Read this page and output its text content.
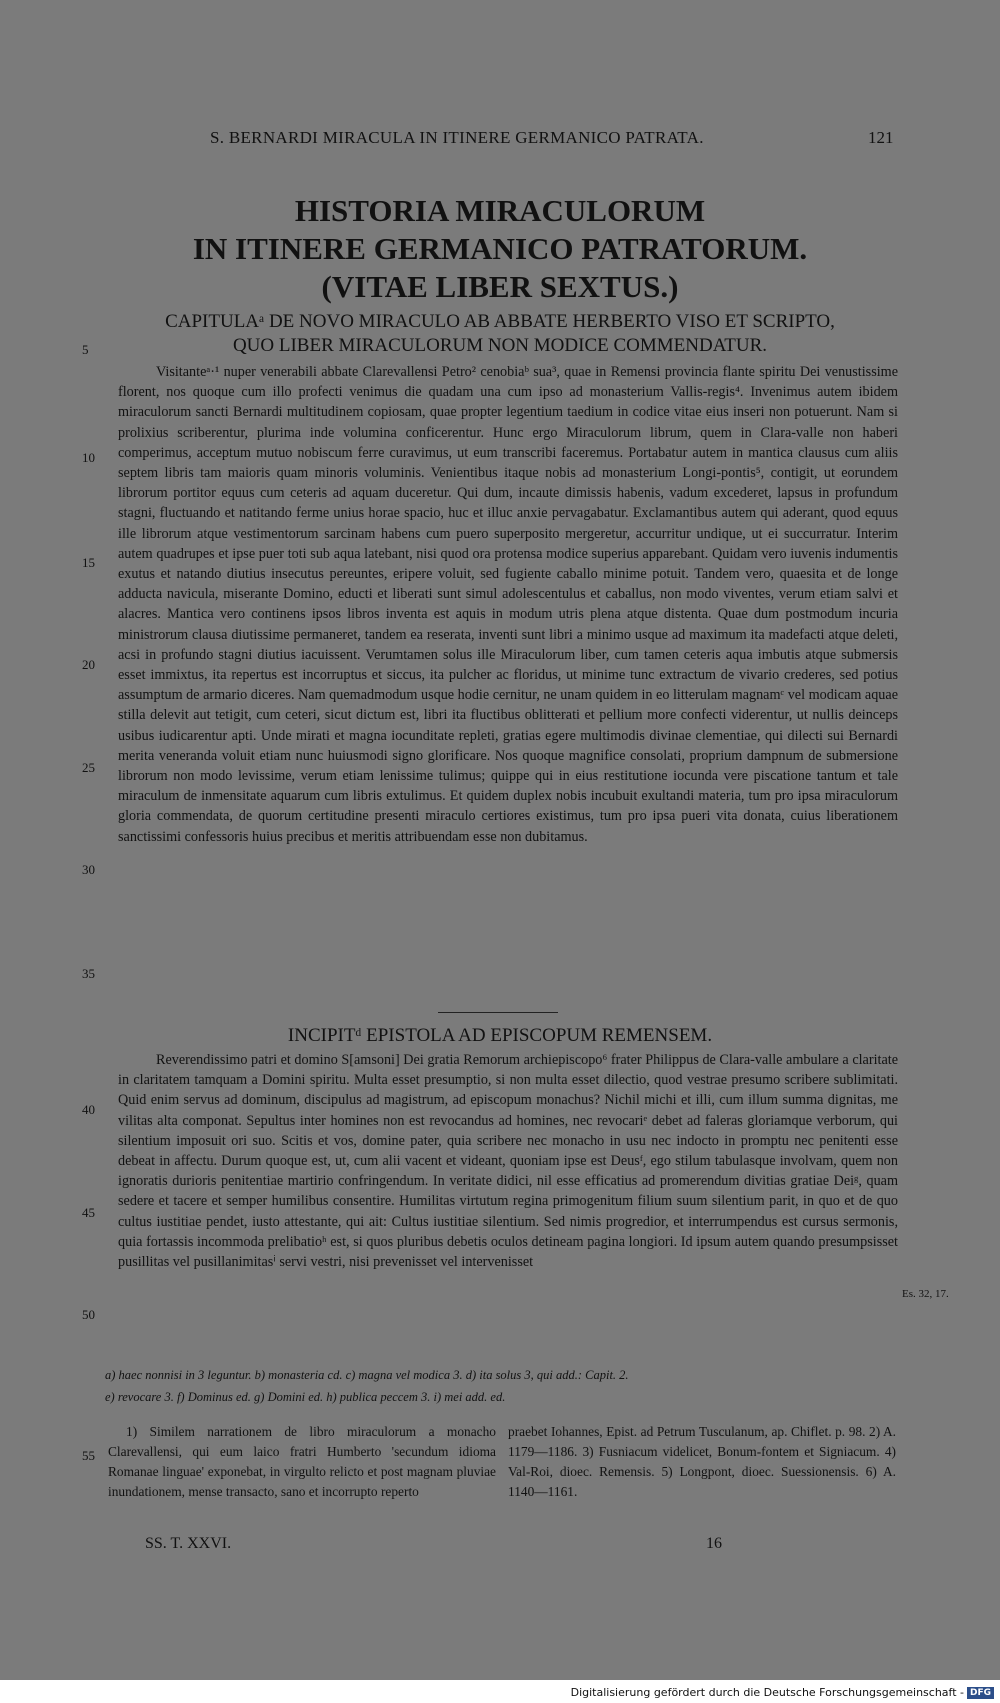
S. BERNARDI MIRACULA IN ITINERE GERMANICO PATRATA.	121
HISTORIA MIRACULORUM
IN ITINERE GERMANICO PATRATORUM.
(VITAE LIBER SEXTUS.)
CAPITULAᵃ DE NOVO MIRACULO AB ABBATE HERBERTO VISO ET SCRIPTO,
QUO LIBER MIRACULORUM NON MODICE COMMENDATUR.
5
10
15
20
25
30
35
40
45
50
55
Visitanteᵃ·¹ nuper venerabili abbate Clarevallensi Petro² cenobiaᵇ sua³, quae in Remensi provincia flante spiritu Dei venustissime florent, nos quoque cum illo profecti venimus die quadam una cum ipso ad monasterium Vallis-regis⁴. Invenimus autem ibidem miraculorum sancti Bernardi multitudinem copiosam, quae propter legentium taedium in codice vitae eius inseri non potuerunt. Nam si prolixius scriberentur, plurima inde volumina conficerentur. Hunc ergo Miraculorum librum, quem in Clara-valle non haberi comperimus, acceptum mutuo nobiscum ferre curavimus, ut eum transcribi faceremus. Portabatur autem in mantica clausus cum aliis septem libris tam maioris quam minoris voluminis. Venientibus itaque nobis ad monasterium Longi-pontis⁵, contigit, ut eorundem librorum portitor equus cum ceteris ad aquam duceretur. Qui dum, incaute dimissis habenis, vadum excederet, lapsus in profundum stagni, fluctuando et natitando ferme unius horae spacio, huc et illuc anxie pervagabatur. Exclamantibus autem qui aderant, quod equus ille librorum atque vestimentorum sarcinam habens cum puero superposito mergeretur, accurritur undique, ut ei succurratur. Interim autem quadrupes et ipse puer toti sub aqua latebant, nisi quod ora protensa modice superius apparebant. Quidam vero iuvenis indumentis exutus et natando diutius insecutus pereuntes, eripere voluit, sed fugiente caballo minime potuit. Tandem vero, quaesita et de longe adducta navicula, miserante Domino, educti et liberati sunt simul adolescentulus et caballus, non modo viventes, verum etiam salvi et alacres. Mantica vero continens ipsos libros inventa est aquis in modum utris plena atque distenta. Quae dum postmodum incuria ministrorum clausa diutissime permaneret, tandem ea reserata, inventi sunt libri a minimo usque ad maximum ita madefacti atque deleti, acsi in profundo stagni diutius iacuissent. Verumtamen solus ille Miraculorum liber, cum tamen ceteris aqua imbutis atque submersis esset immixtus, ita repertus est incorruptus et siccus, ita pulcher ac floridus, ut minime tunc extractum de vivario crederes, sed potius assumptum de armario diceres. Nam quemadmodum usque hodie cernitur, ne unam quidem in eo litterulam magnamᶜ vel modicam aquae stilla delevit aut tetigit, cum ceteri, sicut dictum est, libri ita fluctibus oblitterati et pellium more confecti viderentur, ut nullis deinceps usibus iudicarentur apti. Unde mirati et magna iocunditate repleti, gratias egere multimodis divinae clementiae, qui dilecti sui Bernardi merita veneranda voluit etiam nunc huiusmodi signo glorificare. Nos quoque magnifice consolati, proprium dampnum de submersione librorum non modo levissime, verum etiam lenissime tulimus; quippe qui in eius restitutione iocunda vere piscatione tantum et tale miraculum de inmensitate aquarum cum libris extulimus. Et quidem duplex nobis incubuit exultandi materia, tum pro ipsa miraculorum gloria commendata, de quorum certitudine presenti miraculo certiores existimus, tum pro ipsa pueri vita donata, cuius liberationem sanctissimi confessoris huius precibus et meritis attribuendam esse non dubitamus.
INCIPITᵈ EPISTOLA AD EPISCOPUM REMENSEM.
Reverendissimo patri et domino S[amsoni] Dei gratia Remorum archiepiscopo⁶ frater Philippus de Clara-valle ambulare a claritate in claritatem tamquam a Domini spiritu. Multa esset presumptio, si non multa esset dilectio, quod vestrae presumo scribere sublimitati. Quid enim servus ad dominum, discipulus ad magistrum, ad episcopum monachus? Nichil michi et illi, cum illum summa dignitas, me vilitas alta componat. Sepultus inter homines non est revocandus ad homines, nec revocariᵉ debet ad faleras gloriamque verborum, qui silentium imposuit ori suo. Scitis et vos, domine pater, quia scribere nec monacho in usu nec indocto in promptu nec penitenti esse debeat in affectu. Durum quoque est, ut, cum alii vacent et videant, quoniam ipse est Deusᶠ, ego stilum tabulasque involvam, quem non ignoratis durioris penitentiae martirio confringendum. In veritate didici, nil esse efficatius ad promerendum divitias gratiae Deiᵍ, quam sedere et tacere et semper humilibus consentire. Humilitas virtutum regina primogenitum filium suum silentium parit, in quo et de quo cultus iustitiae pendet, iusto attestante, qui ait: Cultus iustitiae silentium. Sed nimis progredior, et interrumpendus est cursus sermonis, quia fortassis incommoda prelibatioʰ est, si quos pluribus debetis oculos detineam pagina longiori. Id ipsum autem quando presumpsisset pusillitas vel pusillanimitasⁱ servi vestri, nisi prevenisset vel intervenisset
Es. 32, 17.
a) haec nonnisi in 3 leguntur. b) monasteria cd. c) magna vel modica 3. d) ita solus 3, qui add.: Capit. 2.
e) revocare 3. f) Dominus ed. g) Domini ed. h) publica peccem 3. i) mei add. ed.
1) Similem narrationem de libro miraculorum a monacho Clarevallensi, qui eum laico fratri Humberto 'secundum idioma Romanae linguae' exponebat, in virgulto relicto et post magnam pluviae inundationem, mense transacto, sano et incorrupto reperto
praebet Iohannes, Epist. ad Petrum Tusculanum, ap. Chiflet. p. 98. 2) A. 1179—1186. 3) Fusniacum videlicet, Bonum-fontem et Signiacum. 4) Val-Roi, dioec. Remensis. 5) Longpont, dioec. Suessionensis. 6) A. 1140—1161.
SS. T. XXVI.	16
Digitalisierung gefördert durch die Deutsche Forschungsgemeinschaft - DFG
